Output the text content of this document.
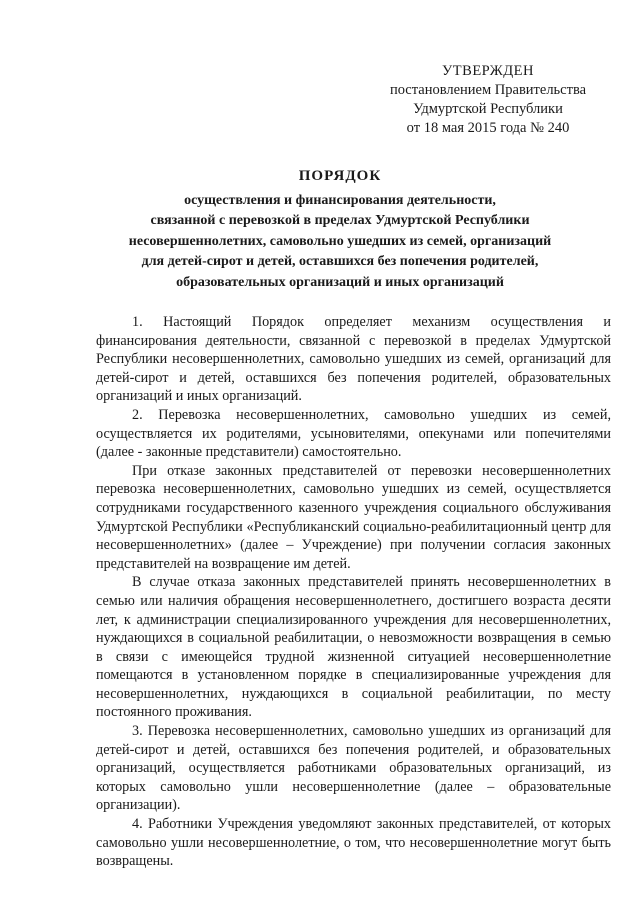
УТВЕРЖДЕН
постановлением Правительства
Удмуртской Республики
от 18 мая 2015 года № 240
ПОРЯДОК
осуществления и финансирования деятельности,
связанной с перевозкой в пределах Удмуртской Республики
несовершеннолетних, самовольно ушедших из семей, организаций
для детей-сирот и детей, оставшихся без попечения родителей,
образовательных организаций и иных организаций

1. Настоящий Порядок определяет механизм осуществления и финансирования деятельности, связанной с перевозкой в пределах Удмуртской Республики несовершеннолетних, самовольно ушедших из семей, организаций для детей-сирот и детей, оставшихся без попечения родителей, образовательных организаций и иных организаций.

2. Перевозка несовершеннолетних, самовольно ушедших из семей, осуществляется их родителями, усыновителями, опекунами или попечителями (далее - законные представители) самостоятельно.

При отказе законных представителей от перевозки несовершеннолетних перевозка несовершеннолетних, самовольно ушедших из семей, осуществляется сотрудниками государственного казенного учреждения социального обслуживания Удмуртской Республики «Республиканский социально-реабилитационный центр для несовершеннолетних» (далее – Учреждение) при получении согласия законных представителей на возвращение им детей.

В случае отказа законных представителей принять несовершеннолетних в семью или наличия обращения несовершеннолетнего, достигшего возраста десяти лет, к администрации специализированного учреждения для несовершеннолетних, нуждающихся в социальной реабилитации, о невозможности возвращения в семью в связи с имеющейся трудной жизненной ситуацией несовершеннолетние помещаются в установленном порядке в специализированные учреждения для несовершеннолетних, нуждающихся в социальной реабилитации, по месту постоянного проживания.

3. Перевозка несовершеннолетних, самовольно ушедших из организаций для детей-сирот и детей, оставшихся без попечения родителей, и образовательных организаций, осуществляется работниками образовательных организаций, из которых самовольно ушли несовершеннолетние (далее – образовательные организации).

4. Работники Учреждения уведомляют законных представителей, от которых самовольно ушли несовершеннолетние, о том, что несовершеннолетние могут быть возвращены.
